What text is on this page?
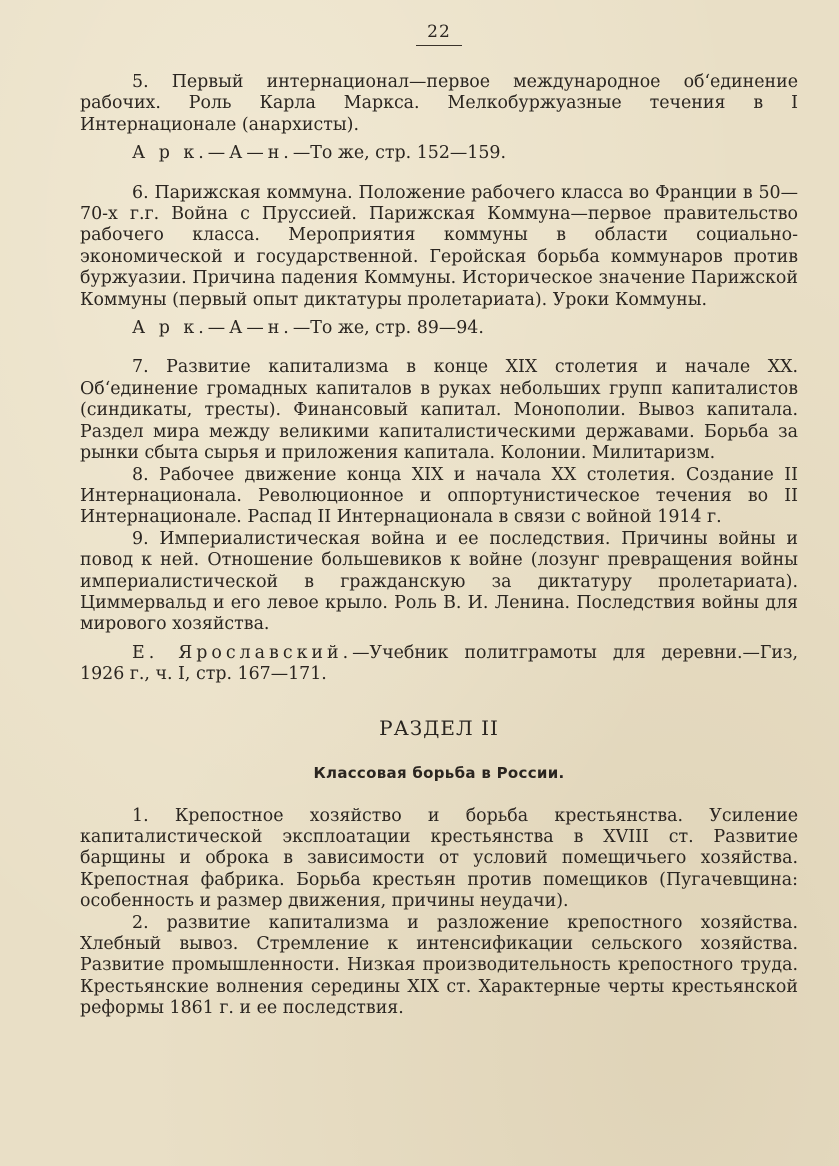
22

5. Первый интернационал—первое международное об‘единение рабочих. Роль Карла Маркса. Мелкобуржуазные течения в I Интернационале (анархисты).

А р к.—А—н.—То же, стр. 152—159.

6. Парижская коммуна. Положение рабочего класса во Франции в 50—70-х г.г. Война с Пруссией. Парижская Коммуна—первое правительство рабочего класса. Мероприятия коммуны в области социально-экономической и государственной. Геройская борьба коммунаров против буржуазии. Причина падения Коммуны. Историческое значение Парижской Коммуны (первый опыт диктатуры пролетариата). Уроки Коммуны.

А р к.—А—н.—То же, стр. 89—94.

7. Развитие капитализма в конце XIX столетия и начале XX. Об‘единение громадных капиталов в руках небольших групп капиталистов (синдикаты, тресты). Финансовый капитал. Монополии. Вывоз капитала. Раздел мира между великими капиталистическими державами. Борьба за рынки сбыта сырья и приложения капитала. Колонии. Милитаризм.

8. Рабочее движение конца XIX и начала XX столетия. Создание II Интернационала. Революционное и оппортунистическое течения во II Интернационале. Распад II Интернационала в связи с войной 1914 г.

9. Империалистическая война и ее последствия. Причины войны и повод к ней. Отношение большевиков к войне (лозунг превращения войны империалистической в гражданскую за диктатуру пролетариата). Циммервальд и его левое крыло. Роль В. И. Ленина. Последствия войны для мирового хозяйства.

Е. Ярославский.—Учебник политграмоты для деревни.—Гиз, 1926 г., ч. I, стр. 167—171.

РАЗДЕЛ II
Классовая борьба в России.

1. Крепостное хозяйство и борьба крестьянства. Усиление капиталистической эксплоатации крестьянства в XVIII ст. Развитие барщины и оброка в зависимости от условий помещичьего хозяйства. Крепостная фабрика. Борьба крестьян против помещиков (Пугачевщина: особенность и размер движения, причины неудачи).

2. развитие капитализма и разложение крепостного хозяйства. Хлебный вывоз. Стремление к интенсификации сельского хозяйства. Развитие промышленности. Низкая производительность крепостного труда. Крестьянские волнения середины XIX ст. Характерные черты крестьянской реформы 1861 г. и ее последствия.
